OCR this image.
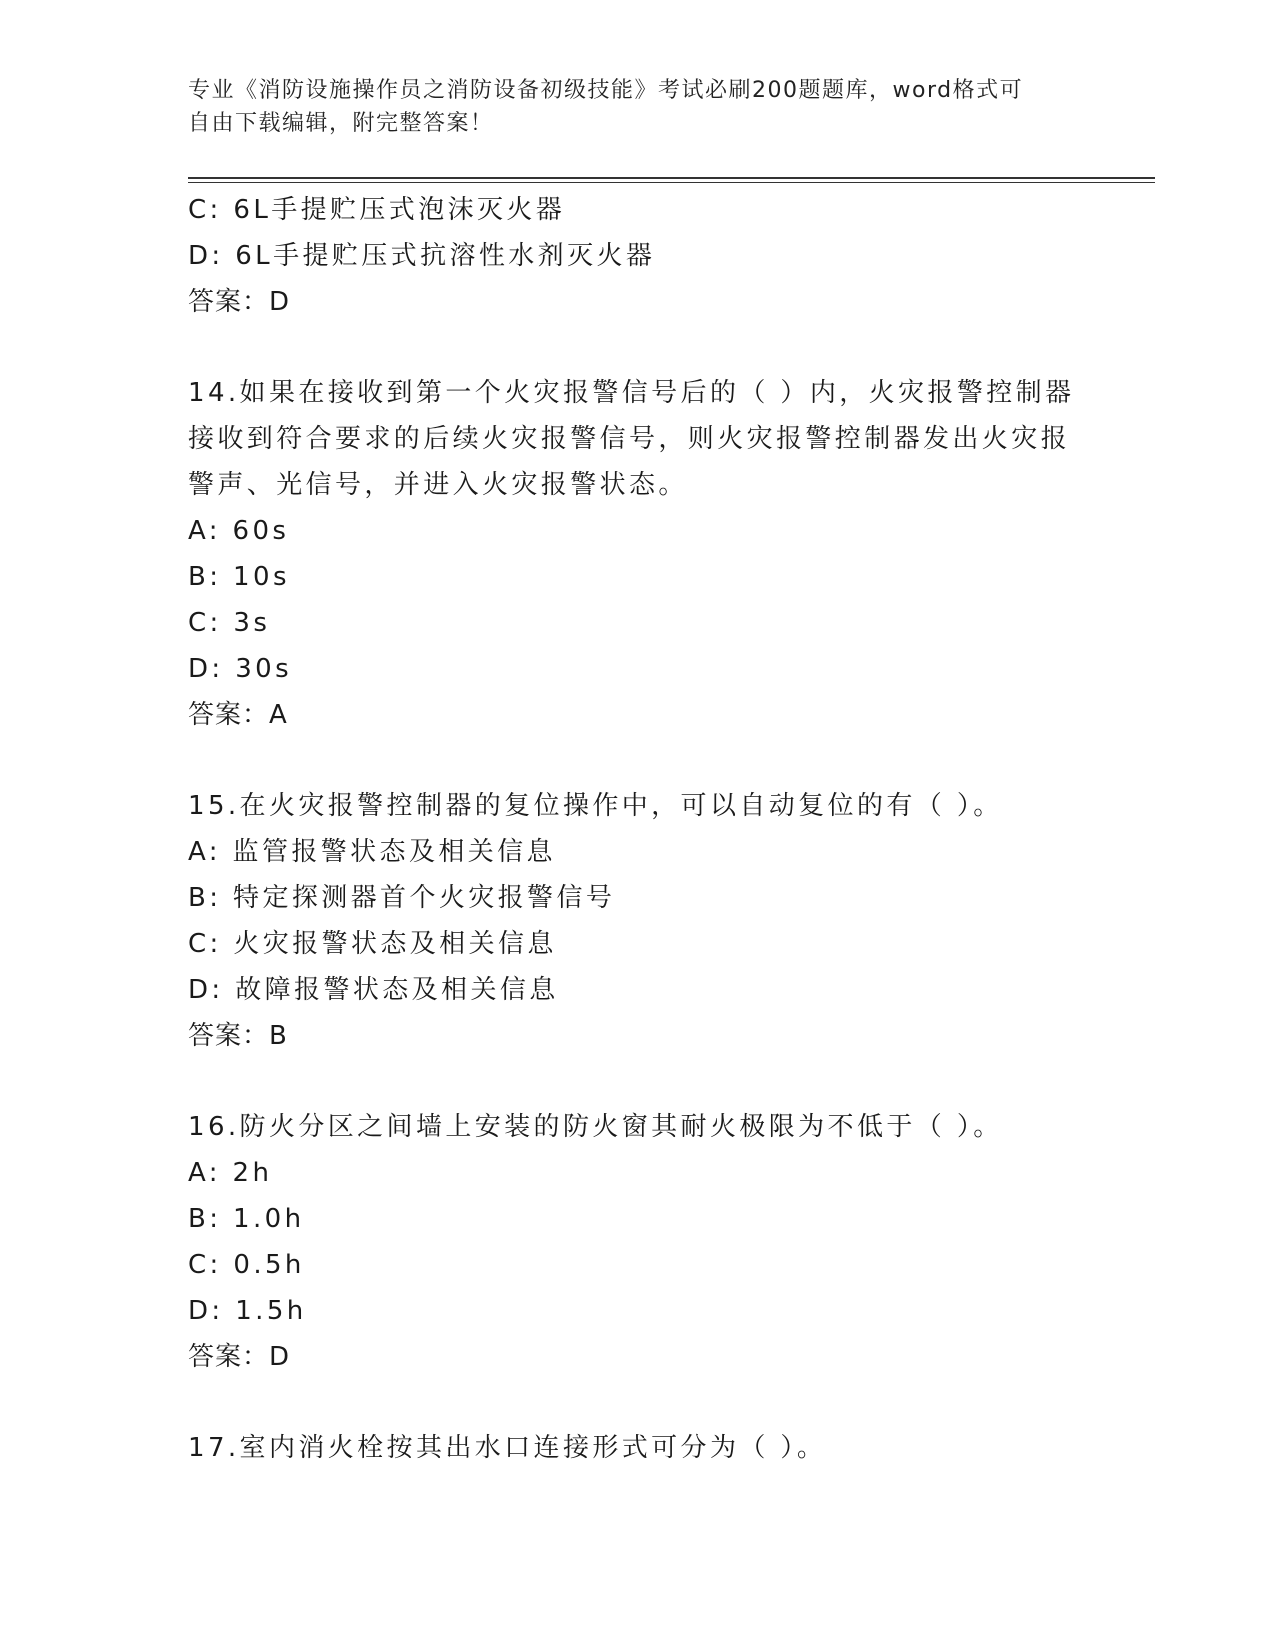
专业《消防设施操作员之消防设备初级技能》考试必刷200题题库，word格式可
自由下载编辑，附完整答案！
C: 6L手提贮压式泡沫灭火器
D: 6L手提贮压式抗溶性水剂灭火器
答案：D
14.如果在接收到第一个火灾报警信号后的（ ）内，火灾报警控制器
接收到符合要求的后续火灾报警信号，则火灾报警控制器发出火灾报
警声、光信号，并进入火灾报警状态。
A: 60s
B: 10s
C: 3s
D: 30s
答案：A
15.在火灾报警控制器的复位操作中，可以自动复位的有（ ）。
A: 监管报警状态及相关信息
B: 特定探测器首个火灾报警信号
C: 火灾报警状态及相关信息
D: 故障报警状态及相关信息
答案：B
16.防火分区之间墙上安装的防火窗其耐火极限为不低于（ ）。
A: 2h
B: 1.0h
C: 0.5h
D: 1.5h
答案：D
17.室内消火栓按其出水口连接形式可分为（ ）。
